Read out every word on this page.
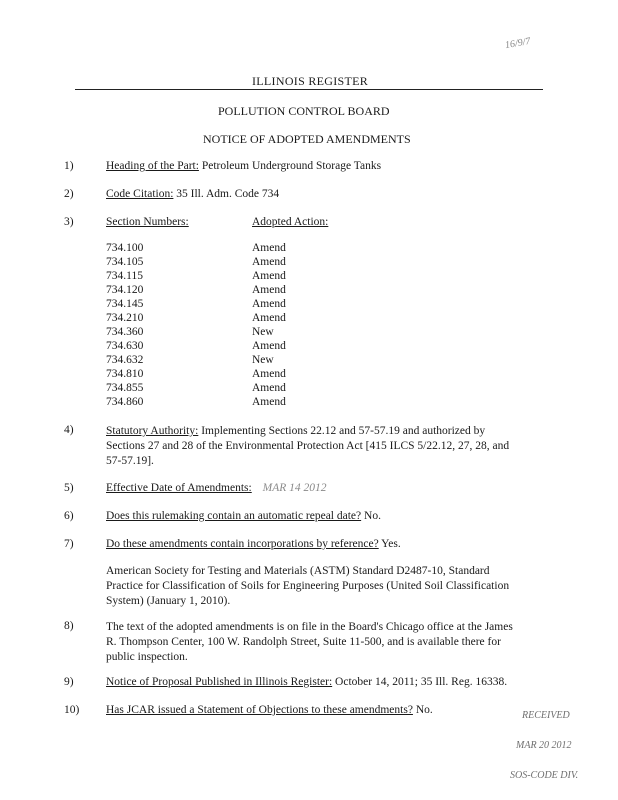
16/9/7
ILLINOIS REGISTER
POLLUTION CONTROL BOARD
NOTICE OF ADOPTED AMENDMENTS
1)	Heading of the Part: Petroleum Underground Storage Tanks
2)	Code Citation: 35 Ill. Adm. Code 734
3)	Section Numbers:	Adopted Action:
734.100	Amend
734.105	Amend
734.115	Amend
734.120	Amend
734.145	Amend
734.210	Amend
734.360	New
734.630	Amend
734.632	New
734.810	Amend
734.855	Amend
734.860	Amend
4)	Statutory Authority: Implementing Sections 22.12 and 57-57.19 and authorized by Sections 27 and 28 of the Environmental Protection Act [415 ILCS 5/22.12, 27, 28, and 57-57.19].
5)	Effective Date of Amendments: MAR 14 2012
6)	Does this rulemaking contain an automatic repeal date? No.
7)	Do these amendments contain incorporations by reference? Yes.
American Society for Testing and Materials (ASTM) Standard D2487-10, Standard Practice for Classification of Soils for Engineering Purposes (United Soil Classification System) (January 1, 2010).
8)	The text of the adopted amendments is on file in the Board's Chicago office at the James R. Thompson Center, 100 W. Randolph Street, Suite 11-500, and is available there for public inspection.
9)	Notice of Proposal Published in Illinois Register: October 14, 2011; 35 Ill. Reg. 16338.
10) Has JCAR issued a Statement of Objections to these amendments? No.	RECEIVED
MAR 20 2012
SOS-CODE DIV.
